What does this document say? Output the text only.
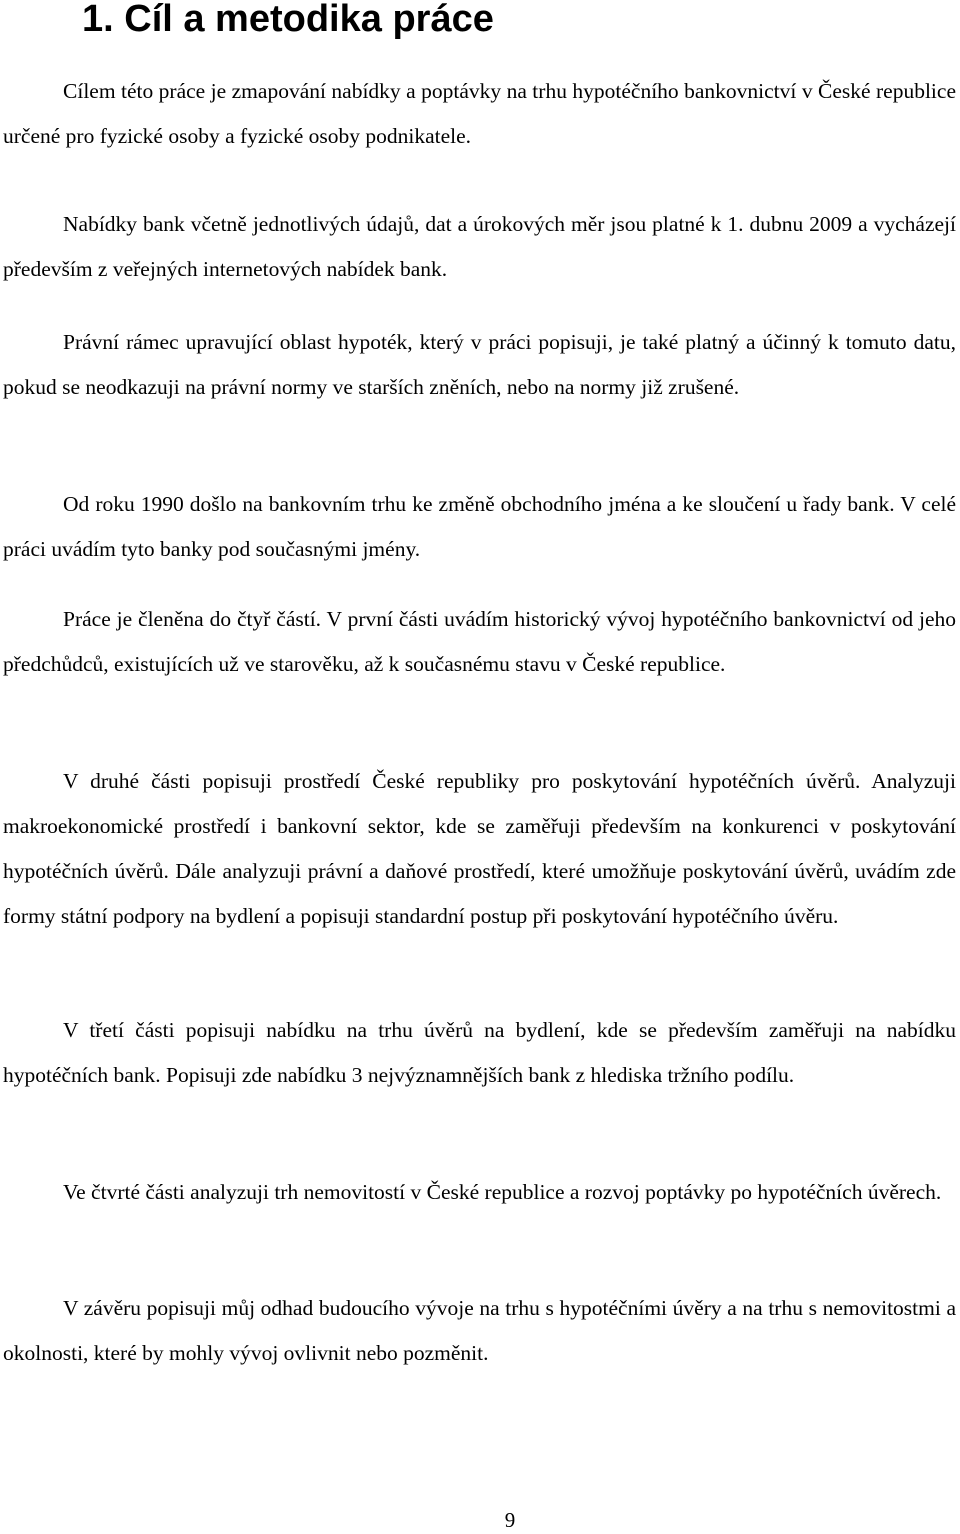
1. Cíl a metodika práce

Cílem této práce je zmapování nabídky a poptávky na trhu hypotéčního bankovnictví v České republice určené pro fyzické osoby a fyzické osoby podnikatele.

Nabídky bank včetně jednotlivých údajů, dat a úrokových měr jsou platné k 1. dubnu 2009 a vycházejí především z veřejných internetových nabídek bank.

Právní rámec upravující oblast hypoték, který v práci popisuji, je také platný a účinný k tomuto datu, pokud se neodkazuji na právní normy ve starších zněních, nebo na normy již zrušené.

Od roku 1990 došlo na bankovním trhu ke změně obchodního jména a ke sloučení u řady bank. V celé práci uvádím tyto banky pod současnými jmény.

Práce je členěna do čtyř částí. V první části uvádím historický vývoj hypotéčního bankovnictví od jeho předchůdců, existujících už ve starověku, až k současnému stavu v České republice.

V druhé části popisuji prostředí České republiky pro poskytování hypotéčních úvěrů. Analyzuji makroekonomické prostředí i bankovní sektor, kde se zaměřuji především na konkurenci v poskytování hypotéčních úvěrů. Dále analyzuji právní a daňové prostředí, které umožňuje poskytování úvěrů, uvádím zde formy státní podpory na bydlení a popisuji standardní postup při poskytování hypotéčního úvěru.

V třetí části popisuji nabídku na trhu úvěrů na bydlení, kde se především zaměřuji na nabídku hypotéčních bank. Popisuji zde nabídku 3 nejvýznamnějších bank z hlediska tržního podílu.

Ve čtvrté části analyzuji trh nemovitostí v České republice a rozvoj poptávky po hypotéčních úvěrech.

V závěru popisuji můj odhad budoucího vývoje na trhu s hypotéčními úvěry a na trhu s nemovitostmi a okolnosti, které by mohly vývoj ovlivnit nebo pozměnit.

9
